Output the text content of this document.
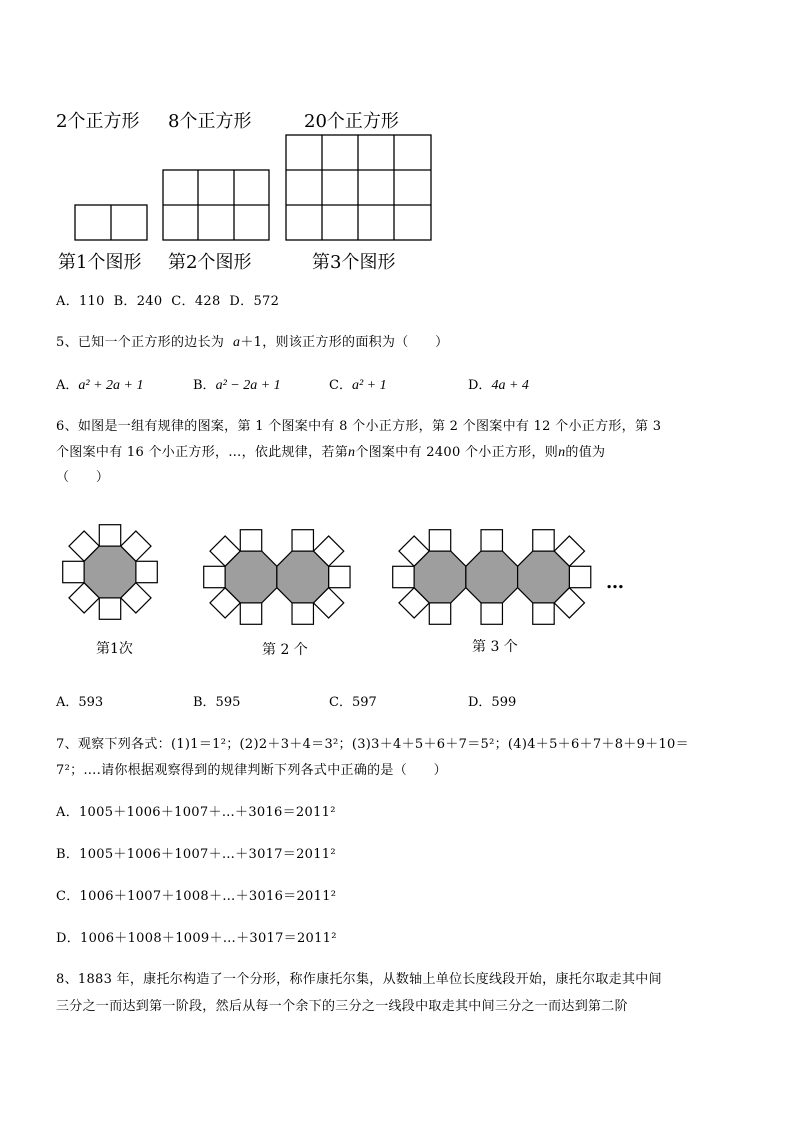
2个正方形 8个正方形	20个正方形
第1个图形 第2个图形	第3个图形
A．110  B．240  C．428  D．572
5、已知一个正方形的边长为 a＋1，则该正方形的面积为（　　）
A．a² + 2a + 1	B．a² − 2a + 1	C．a² + 1	D．4a + 4
6、如图是一组有规律的图案，第 1 个图案中有 8 个小正方形，第 2 个图案中有 12 个小正方形，第 3
个图案中有 16 个小正方形，…，依此规律，若第n个图案中有 2400 个小正方形，则n的值为
（　　）
…
第1次	第 2 个	第 3 个
A．593	B．595	C．597	D．599
7、观察下列各式：(1)1＝1²；(2)2＋3＋4＝3²；(3)3＋4＋5＋6＋7＝5²；(4)4＋5＋6＋7＋8＋9＋10＝
7²；….请你根据观察得到的规律判断下列各式中正确的是（　　）
A．1005＋1006＋1007＋…＋3016＝2011²
B．1005＋1006＋1007＋…＋3017＝2011²
C．1006＋1007＋1008＋…＋3016＝2011²
D．1006＋1008＋1009＋…＋3017＝2011²
8、1883 年，康托尔构造了一个分形，称作康托尔集，从数轴上单位长度线段开始，康托尔取走其中间
三分之一而达到第一阶段，然后从每一个余下的三分之一线段中取走其中间三分之一而达到第二阶
